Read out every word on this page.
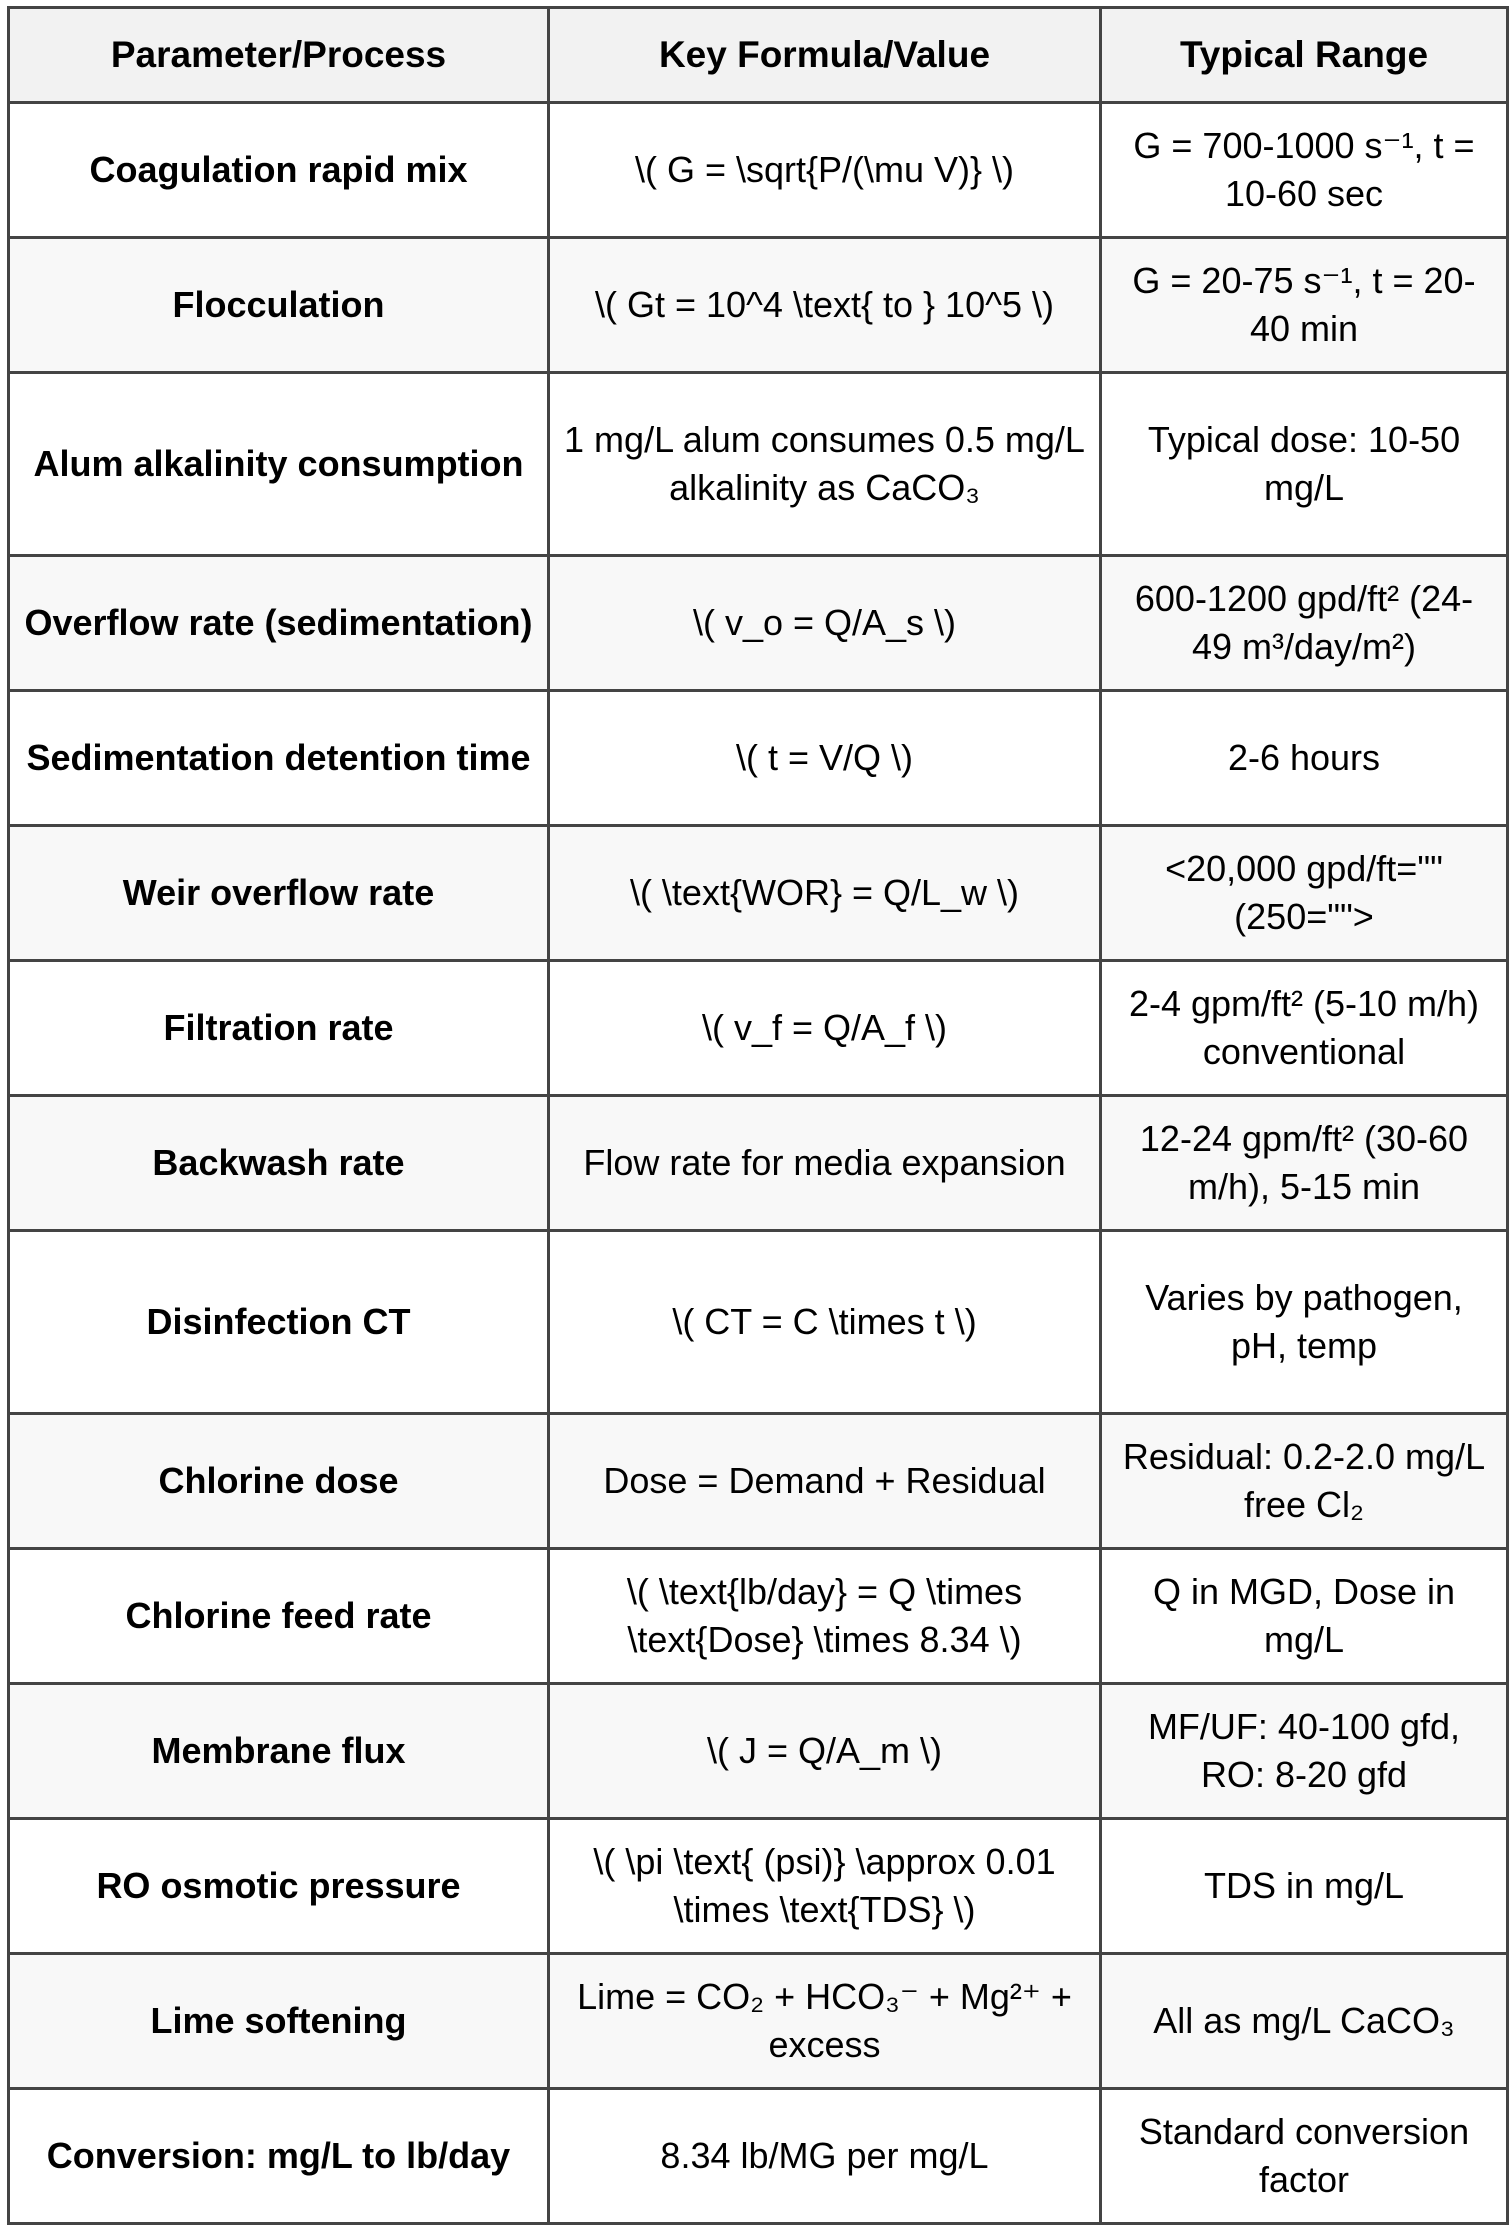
Parameter/Process	Key Formula/Value	Typical Range
Coagulation rapid mix	\( G = \sqrt{P/(\mu V)} \)	G = 700-1000 s⁻¹, t = 10-60 sec
Flocculation	\( Gt = 10^4 \text{ to } 10^5 \)	G = 20-75 s⁻¹, t = 20-40 min
Alum alkalinity consumption	1 mg/L alum consumes 0.5 mg/L alkalinity as CaCO₃	Typical dose: 10-50 mg/L
Overflow rate (sedimentation)	\( v_o = Q/A_s \)	600-1200 gpd/ft² (24-49 m³/day/m²)
Sedimentation detention time	\( t = V/Q \)	2-6 hours
Weir overflow rate	\( \text{WOR} = Q/L_w \)	<20,000 gpd/ft="" (250="">
Filtration rate	\( v_f = Q/A_f \)	2-4 gpm/ft² (5-10 m/h) conventional
Backwash rate	Flow rate for media expansion	12-24 gpm/ft² (30-60 m/h), 5-15 min
Disinfection CT	\( CT = C \times t \)	Varies by pathogen, pH, temp
Chlorine dose	Dose = Demand + Residual	Residual: 0.2-2.0 mg/L free Cl₂
Chlorine feed rate	\( \text{lb/day} = Q \times \text{Dose} \times 8.34 \)	Q in MGD, Dose in mg/L
Membrane flux	\( J = Q/A_m \)	MF/UF: 40-100 gfd, RO: 8-20 gfd
RO osmotic pressure	\( \pi \text{ (psi)} \approx 0.01 \times \text{TDS} \)	TDS in mg/L
Lime softening	Lime = CO₂ + HCO₃⁻ + Mg²⁺ + excess	All as mg/L CaCO₃
Conversion: mg/L to lb/day	8.34 lb/MG per mg/L	Standard conversion factor
